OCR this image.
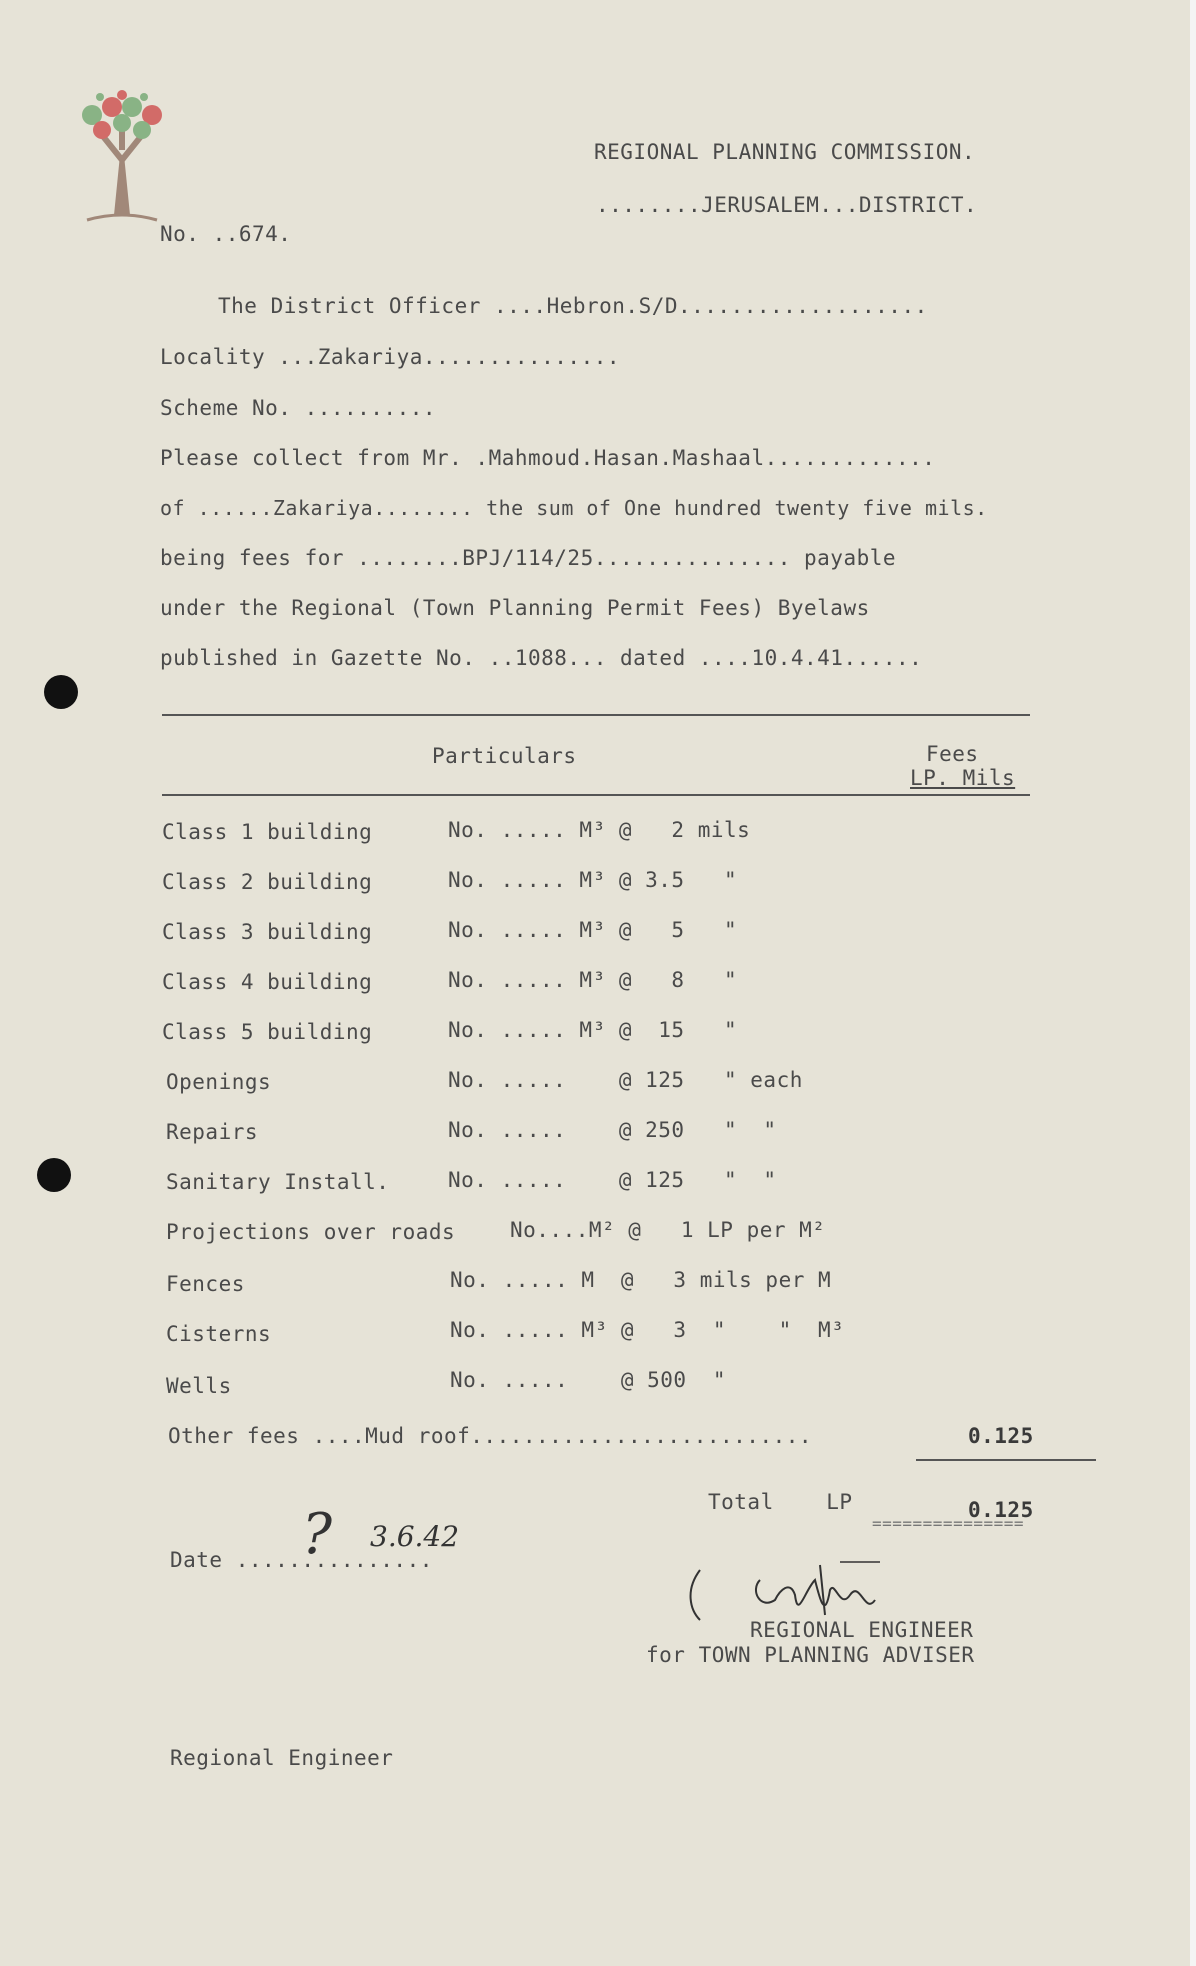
REGIONAL PLANNING COMMISSION.
........JERUSALEM...DISTRICT.
No. ..674.
The District Officer ....Hebron.S/D...................
Locality ...Zakariya...............
Scheme No. ..........
Please collect from Mr. .Mahmoud.Hasan.Mashaal.............
of ......Zakariya........ the sum of One hundred twenty five mils.
being fees for ........BPJ/114/25............... payable
under the Regional (Town Planning Permit Fees) Byelaws
published in Gazette No. ..1088... dated ....10.4.41......
Particulars	Fees
LP. Mils
Class 1 building	No. ..... M³ @   2 mils
Class 2 building	No. ..... M³ @ 3.5   "
Class 3 building	No. ..... M³ @   5   "
Class 4 building	No. ..... M³ @   8   "
Class 5 building	No. ..... M³ @  15   "
Openings	No. .....    @ 125   " each
Repairs	No. .....    @ 250   "  "
Sanitary Install.	No. .....    @ 125   "  "
Projections over roads	No....M² @   1 LP per M²
Fences	No. ..... M  @   3 mils per M
Cisterns	No. ..... M³ @   3  "    "  M³
Wells	No. .....    @ 500  "
Other fees ....Mud roof..........................	0.125
Total    LP	0.125
===============
Date ...............
? 3.6.42
REGIONAL ENGINEER
for TOWN PLANNING ADVISER
Regional Engineer
